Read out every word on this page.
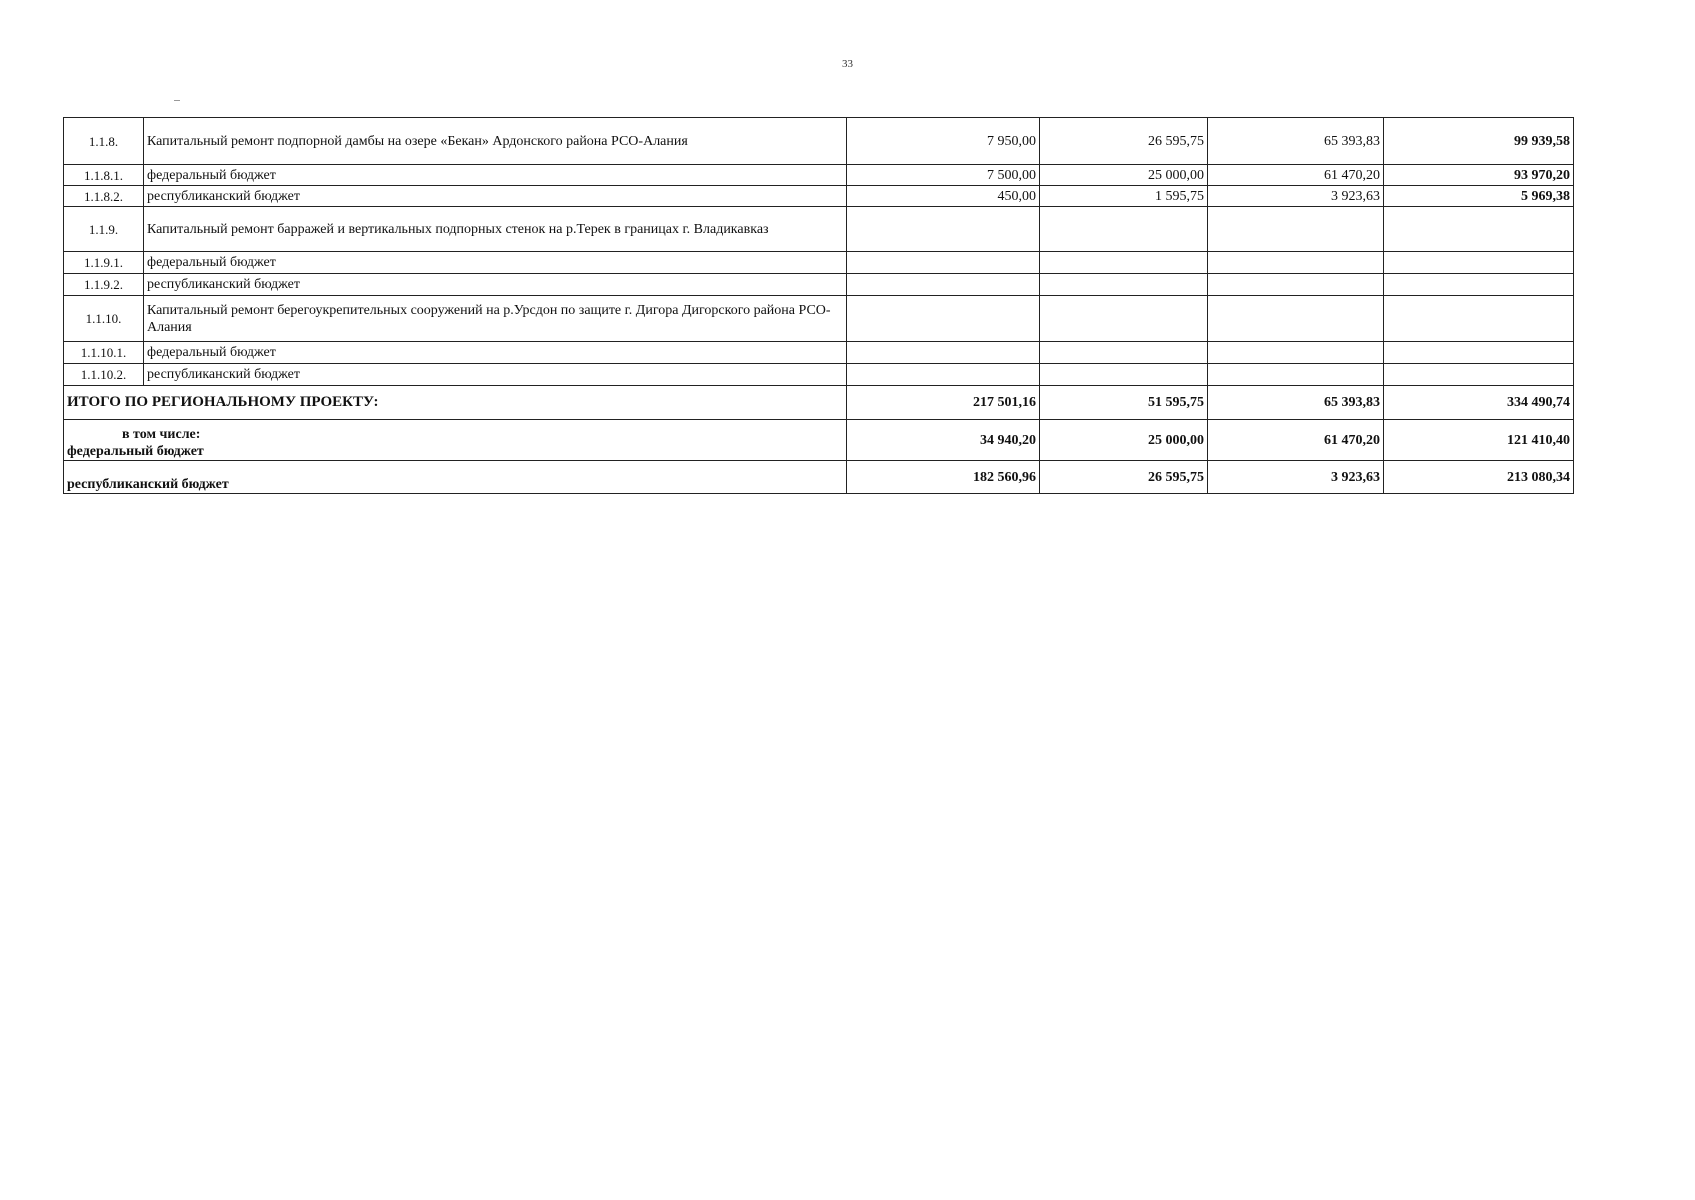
33
1.1.8.	Капитальный ремонт подпорной дамбы на озере «Бекан» Ардонского района РСО-Алания	7 950,00	26 595,75	65 393,83	99 939,58
1.1.8.1.	федеральный бюджет	7 500,00	25 000,00	61 470,20	93 970,20
1.1.8.2.	республиканский бюджет	450,00	1 595,75	3 923,63	5 969,38
1.1.9.	Капитальный ремонт барражей и вертикальных подпорных стенок на р.Терек в границах г. Владикавказ				
1.1.9.1.	федеральный бюджет				
1.1.9.2.	республиканский бюджет				
1.1.10.	Капитальный ремонт берегоукрепительных сооружений на р.Урсдон по защите г. Дигора Дигорского района РСО-Алания				
1.1.10.1.	федеральный бюджет				
1.1.10.2.	республиканский бюджет				
ИТОГО ПО РЕГИОНАЛЬНОМУ ПРОЕКТУ:		217 501,16	51 595,75	65 393,83	334 490,74

в том числе:
федеральный бюджет		34 940,20	25 000,00	61 470,20	121 410,40
республиканский бюджет		182 560,96	26 595,75	3 923,63	213 080,34
